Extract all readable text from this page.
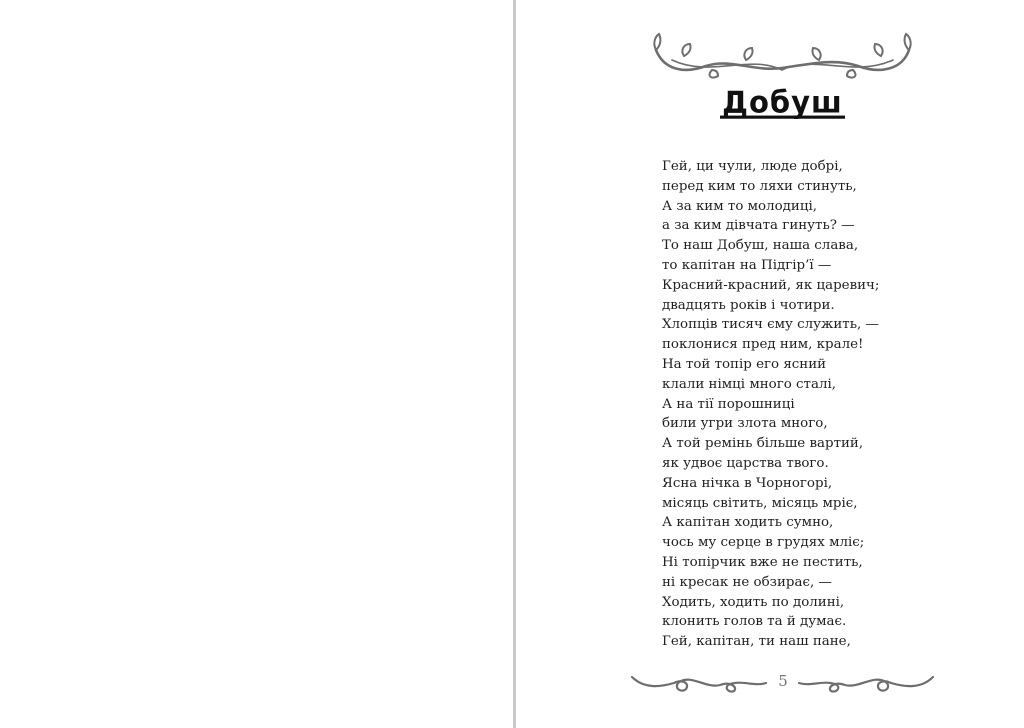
Добуш
Гей, ци чули, люде добрі,
перед ким то ляхи стинуть,
А за ким то молодиці,
а за ким дівчата гинуть? —
То наш Добуш, наша слава,
то капітан на Підгір’ї —
Красний-красний, як царевич;
двадцять років і чотири.
Хлопців тисяч єму служить, —
поклонися пред ним, крале!
На той топір его ясний
клали німці много сталі,
А на тії порошниці
били угри злота много,
А той ремінь більше вартий,
як удвоє царства твого.
Ясна нічка в Чорногорі,
місяць світить, місяць мріє,
А капітан ходить сумно,
чось му серце в грудях мліє;
Ні топірчик вже не пестить,
ні кресак не обзирає, —
Ходить, ходить по долині,
клонить голов та й думає.
Гей, капітан, ти наш пане,
5
